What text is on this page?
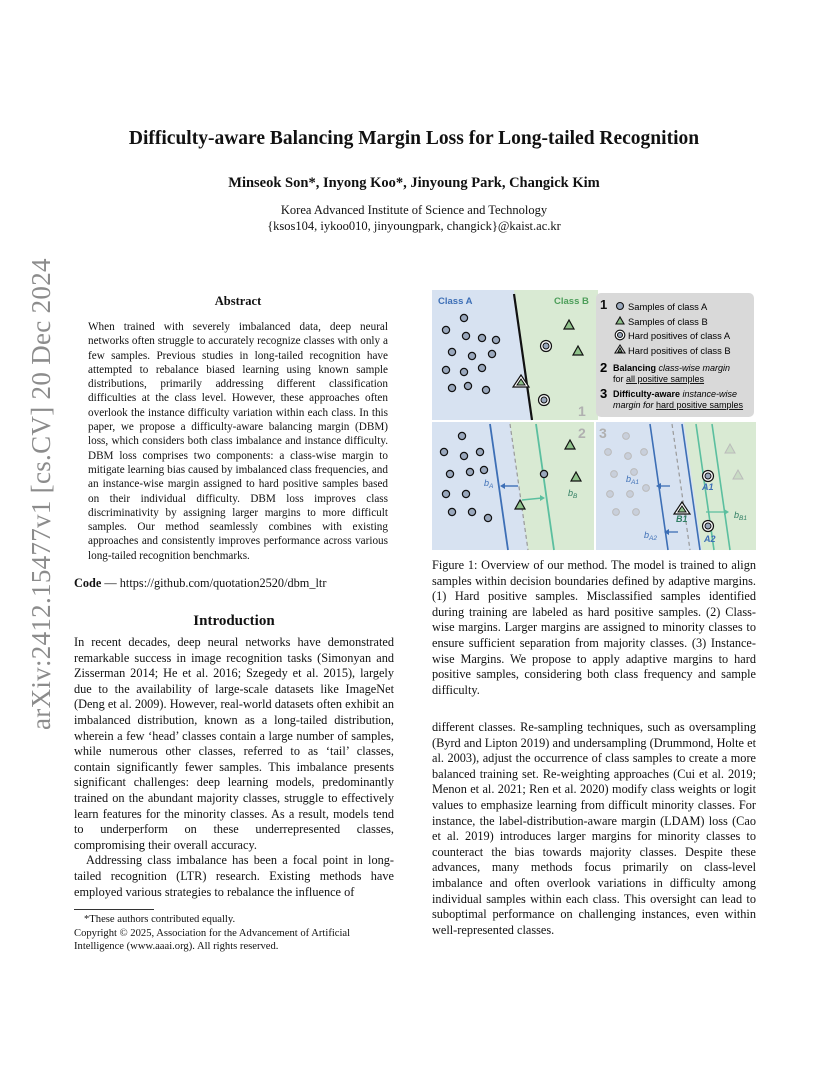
arXiv:2412.15477v1 [cs.CV] 20 Dec 2024
Difficulty-aware Balancing Margin Loss for Long-tailed Recognition
Minseok Son*, Inyong Koo*, Jinyoung Park, Changick Kim
Korea Advanced Institute of Science and Technology
{ksos104, iykoo010, jinyoungpark, changick}@kaist.ac.kr
Abstract
When trained with severely imbalanced data, deep neural networks often struggle to accurately recognize classes with only a few samples. Previous studies in long-tailed recognition have attempted to rebalance biased learning using known sample distributions, primarily addressing different classification difficulties at the class level. However, these approaches often overlook the instance difficulty variation within each class. In this paper, we propose a difficulty-aware balancing margin (DBM) loss, which considers both class imbalance and instance difficulty. DBM loss comprises two components: a class-wise margin to mitigate learning bias caused by imbalanced class frequencies, and an instance-wise margin assigned to hard positive samples based on their individual difficulty. DBM loss improves class discriminativity by assigning larger margins to more difficult samples. Our method seamlessly combines with existing approaches and consistently improves performance across various long-tailed recognition benchmarks.
Code — https://github.com/quotation2520/dbm_ltr
Introduction
In recent decades, deep neural networks have demonstrated remarkable success in image recognition tasks (Simonyan and Zisserman 2014; He et al. 2016; Szegedy et al. 2015), largely due to the availability of large-scale datasets like ImageNet (Deng et al. 2009). However, real-world datasets often exhibit an imbalanced distribution, known as a long-tailed distribution, wherein a few ‘head’ classes contain a large number of samples, while numerous other classes, referred to as ‘tail’ classes, contain significantly fewer samples. This imbalance presents significant challenges: deep learning models, predominantly trained on the abundant majority classes, struggle to effectively learn features for the minority classes. As a result, models tend to underperform on these underrepresented classes, compromising their overall accuracy.
Addressing class imbalance has been a focal point in long-tailed recognition (LTR) research. Existing methods have employed various strategies to rebalance the influence of
*These authors contributed equally.
Copyright © 2025, Association for the Advancement of Artificial Intelligence (www.aaai.org). All rights reserved.
Class A	Class B
1
1 Samples of class A
Samples of class B
Hard positives of class A
Hard positives of class B
2 Balancing class-wise margin
for all positive samples
3 Difficulty-aware instance-wise
margin for hard positive samples
2
$b_A$
$b_B$
3
$b_{A1}$
$b_{A2}$
$b_{B1}$
A1
A2
B1
Figure 1: Overview of our method. The model is trained to align samples within decision boundaries defined by adaptive margins. (1) Hard positive samples. Misclassified samples identified during training are labeled as hard positive samples. (2) Class-wise margins. Larger margins are assigned to minority classes to ensure sufficient separation from majority classes. (3) Instance-wise Margins. We propose to apply adaptive margins to hard positive samples, considering both class frequency and sample difficulty.
different classes. Re-sampling techniques, such as oversampling (Byrd and Lipton 2019) and undersampling (Drummond, Holte et al. 2003), adjust the occurrence of class samples to create a more balanced training set. Re-weighting approaches (Cui et al. 2019; Menon et al. 2021; Ren et al. 2020) modify class weights or logit values to emphasize learning from difficult minority classes. For instance, the label-distribution-aware margin (LDAM) loss (Cao et al. 2019) introduces larger margins for minority classes to counteract the bias towards majority classes. Despite these advances, many methods focus primarily on class-level imbalance and often overlook variations in difficulty among individual samples within each class. This oversight can lead to suboptimal performance on challenging instances, even within well-represented classes.
